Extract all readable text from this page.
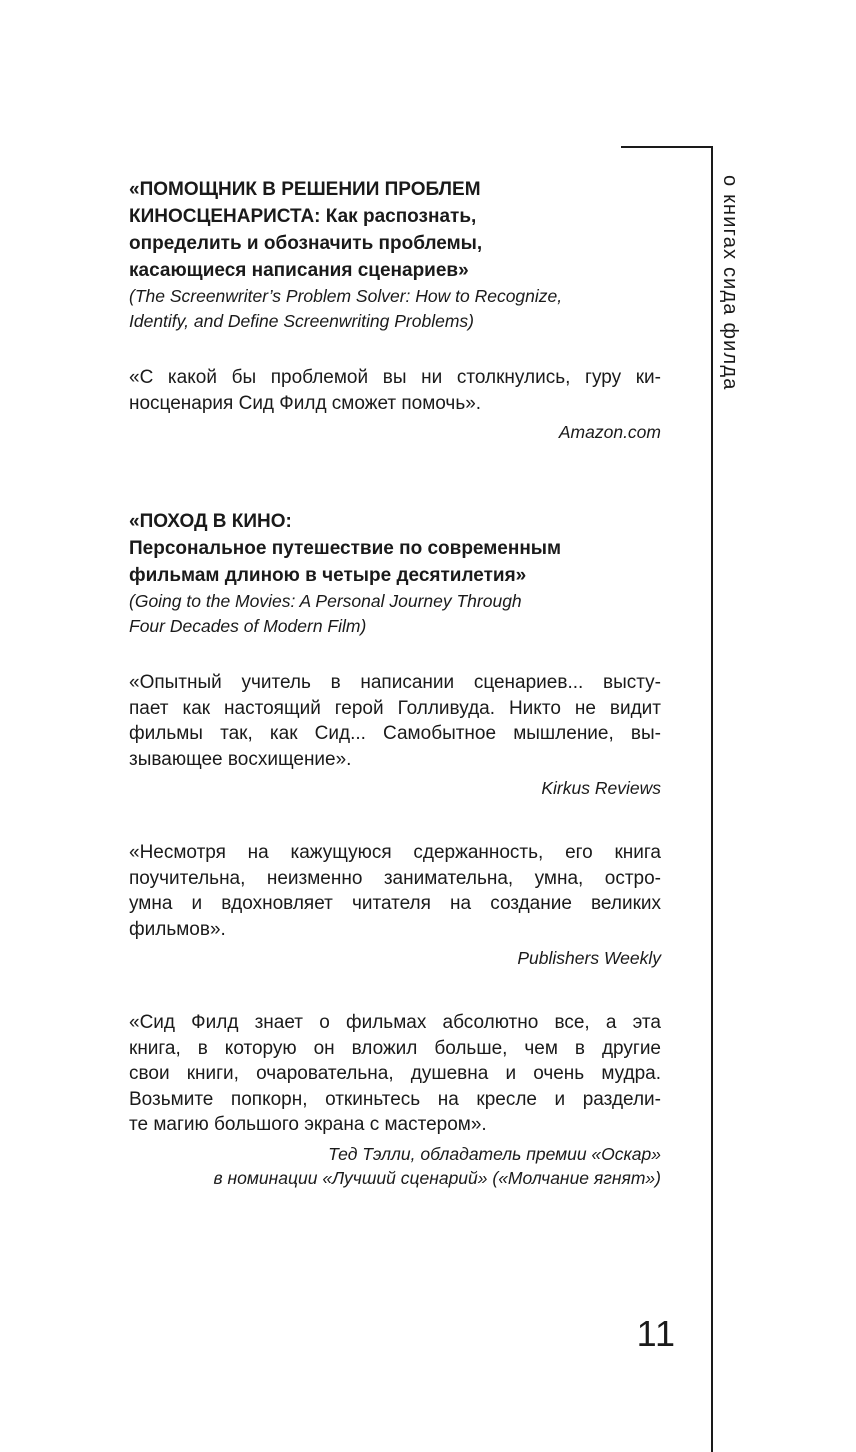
о книгах сида филда
«ПОМОЩНИК В РЕШЕНИИ ПРОБЛЕМ
КИНОСЦЕНАРИСТА: Как распознать,
определить и обозначить проблемы,
касающиеся написания сценариев»
(The Screenwriter’s Problem Solver: How to Recognize,
Identify, and Define Screenwriting Problems)
«С какой бы проблемой вы ни столкнулись, гуру ки-
носценария Сид Филд сможет помочь».
Amazon.com
«ПОХОД В КИНО:
Персональное путешествие по современным
фильмам длиною в четыре десятилетия»
(Going to the Movies: A Personal Journey Through
Four Decades of Modern Film)
«Опытный учитель в написании сценариев... высту-
пает как настоящий герой Голливуда. Никто не видит
фильмы так, как Сид... Самобытное мышление, вы-
зывающее восхищение».
Kirkus Reviews
«Несмотря на кажущуюся сдержанность, его книга
поучительна, неизменно занимательна, умна, остро-
умна и вдохновляет читателя на создание великих
фильмов».
Publishers Weekly
«Сид Филд знает о фильмах абсолютно все, а эта
книга, в которую он вложил больше, чем в другие
свои книги, очаровательна, душевна и очень мудра.
Возьмите попкорн, откиньтесь на кресле и раздели-
те магию большого экрана с мастером».
Тед Тэлли, обладатель премии «Оскар»
в номинации «Лучший сценарий» («Молчание ягнят»)
11
